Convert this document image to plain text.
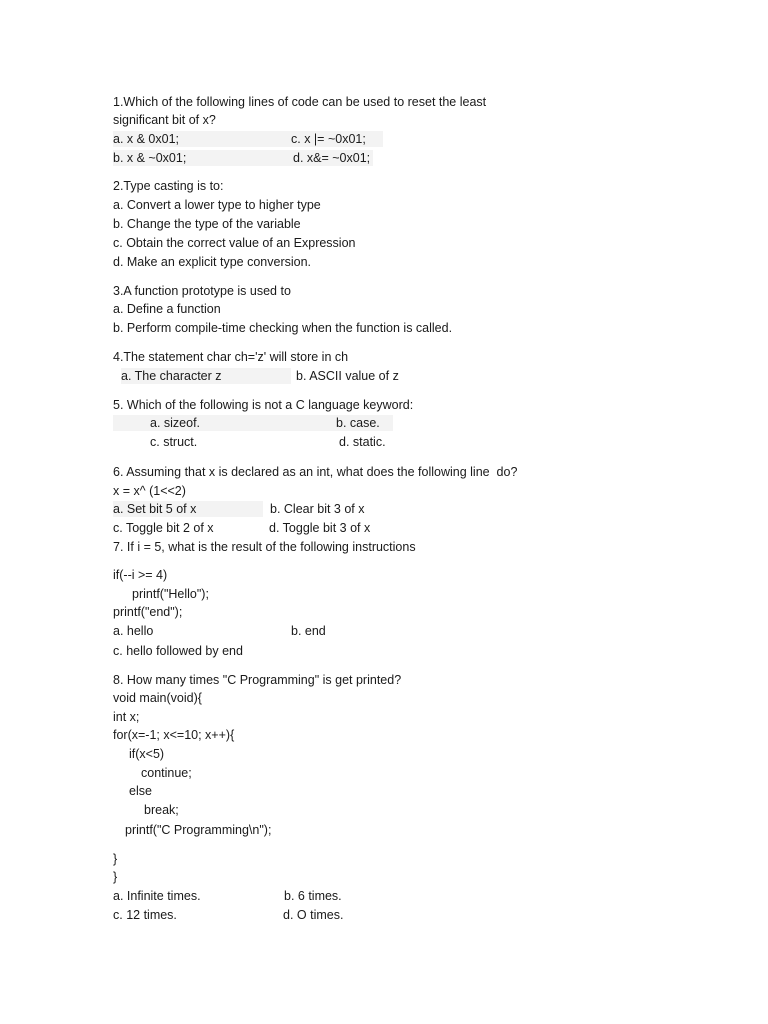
1.Which of the following lines of code can be used to reset the least
significant bit of x?
a. x & 0x01;	c. x |= ~0x01;
b. x & ~0x01;	d. x&= ~0x01;
2.Type casting is to:
a. Convert a lower type to higher type
b. Change the type of the variable
c. Obtain the correct value of an Expression
d. Make an explicit type conversion.
3.A function prototype is used to
a. Define a function
b. Perform compile-time checking when the function is called.
4.The statement char ch='z' will store in ch
a. The character z	b. ASCII value of z
5. Which of the following is not a C language keyword:
a. sizeof.	b. case.
c. struct.	d. static.
6. Assuming that x is declared as an int, what does the following line  do?
x = x^ (1<<2)
a. Set bit 5 of x	b. Clear bit 3 of x
c. Toggle bit 2 of x	d. Toggle bit 3 of x
7. If i = 5, what is the result of the following instructions
if(--i >= 4)
printf("Hello");
printf("end");
a. hello	b. end
c. hello followed by end
8. How many times "C Programming" is get printed?
void main(void){
int x;
for(x=-1; x<=10; x++){
if(x<5)
continue;
else
break;
printf("C Programming\n");
}
}
a. Infinite times.	b. 6 times.
c. 12 times.	d. O times.
